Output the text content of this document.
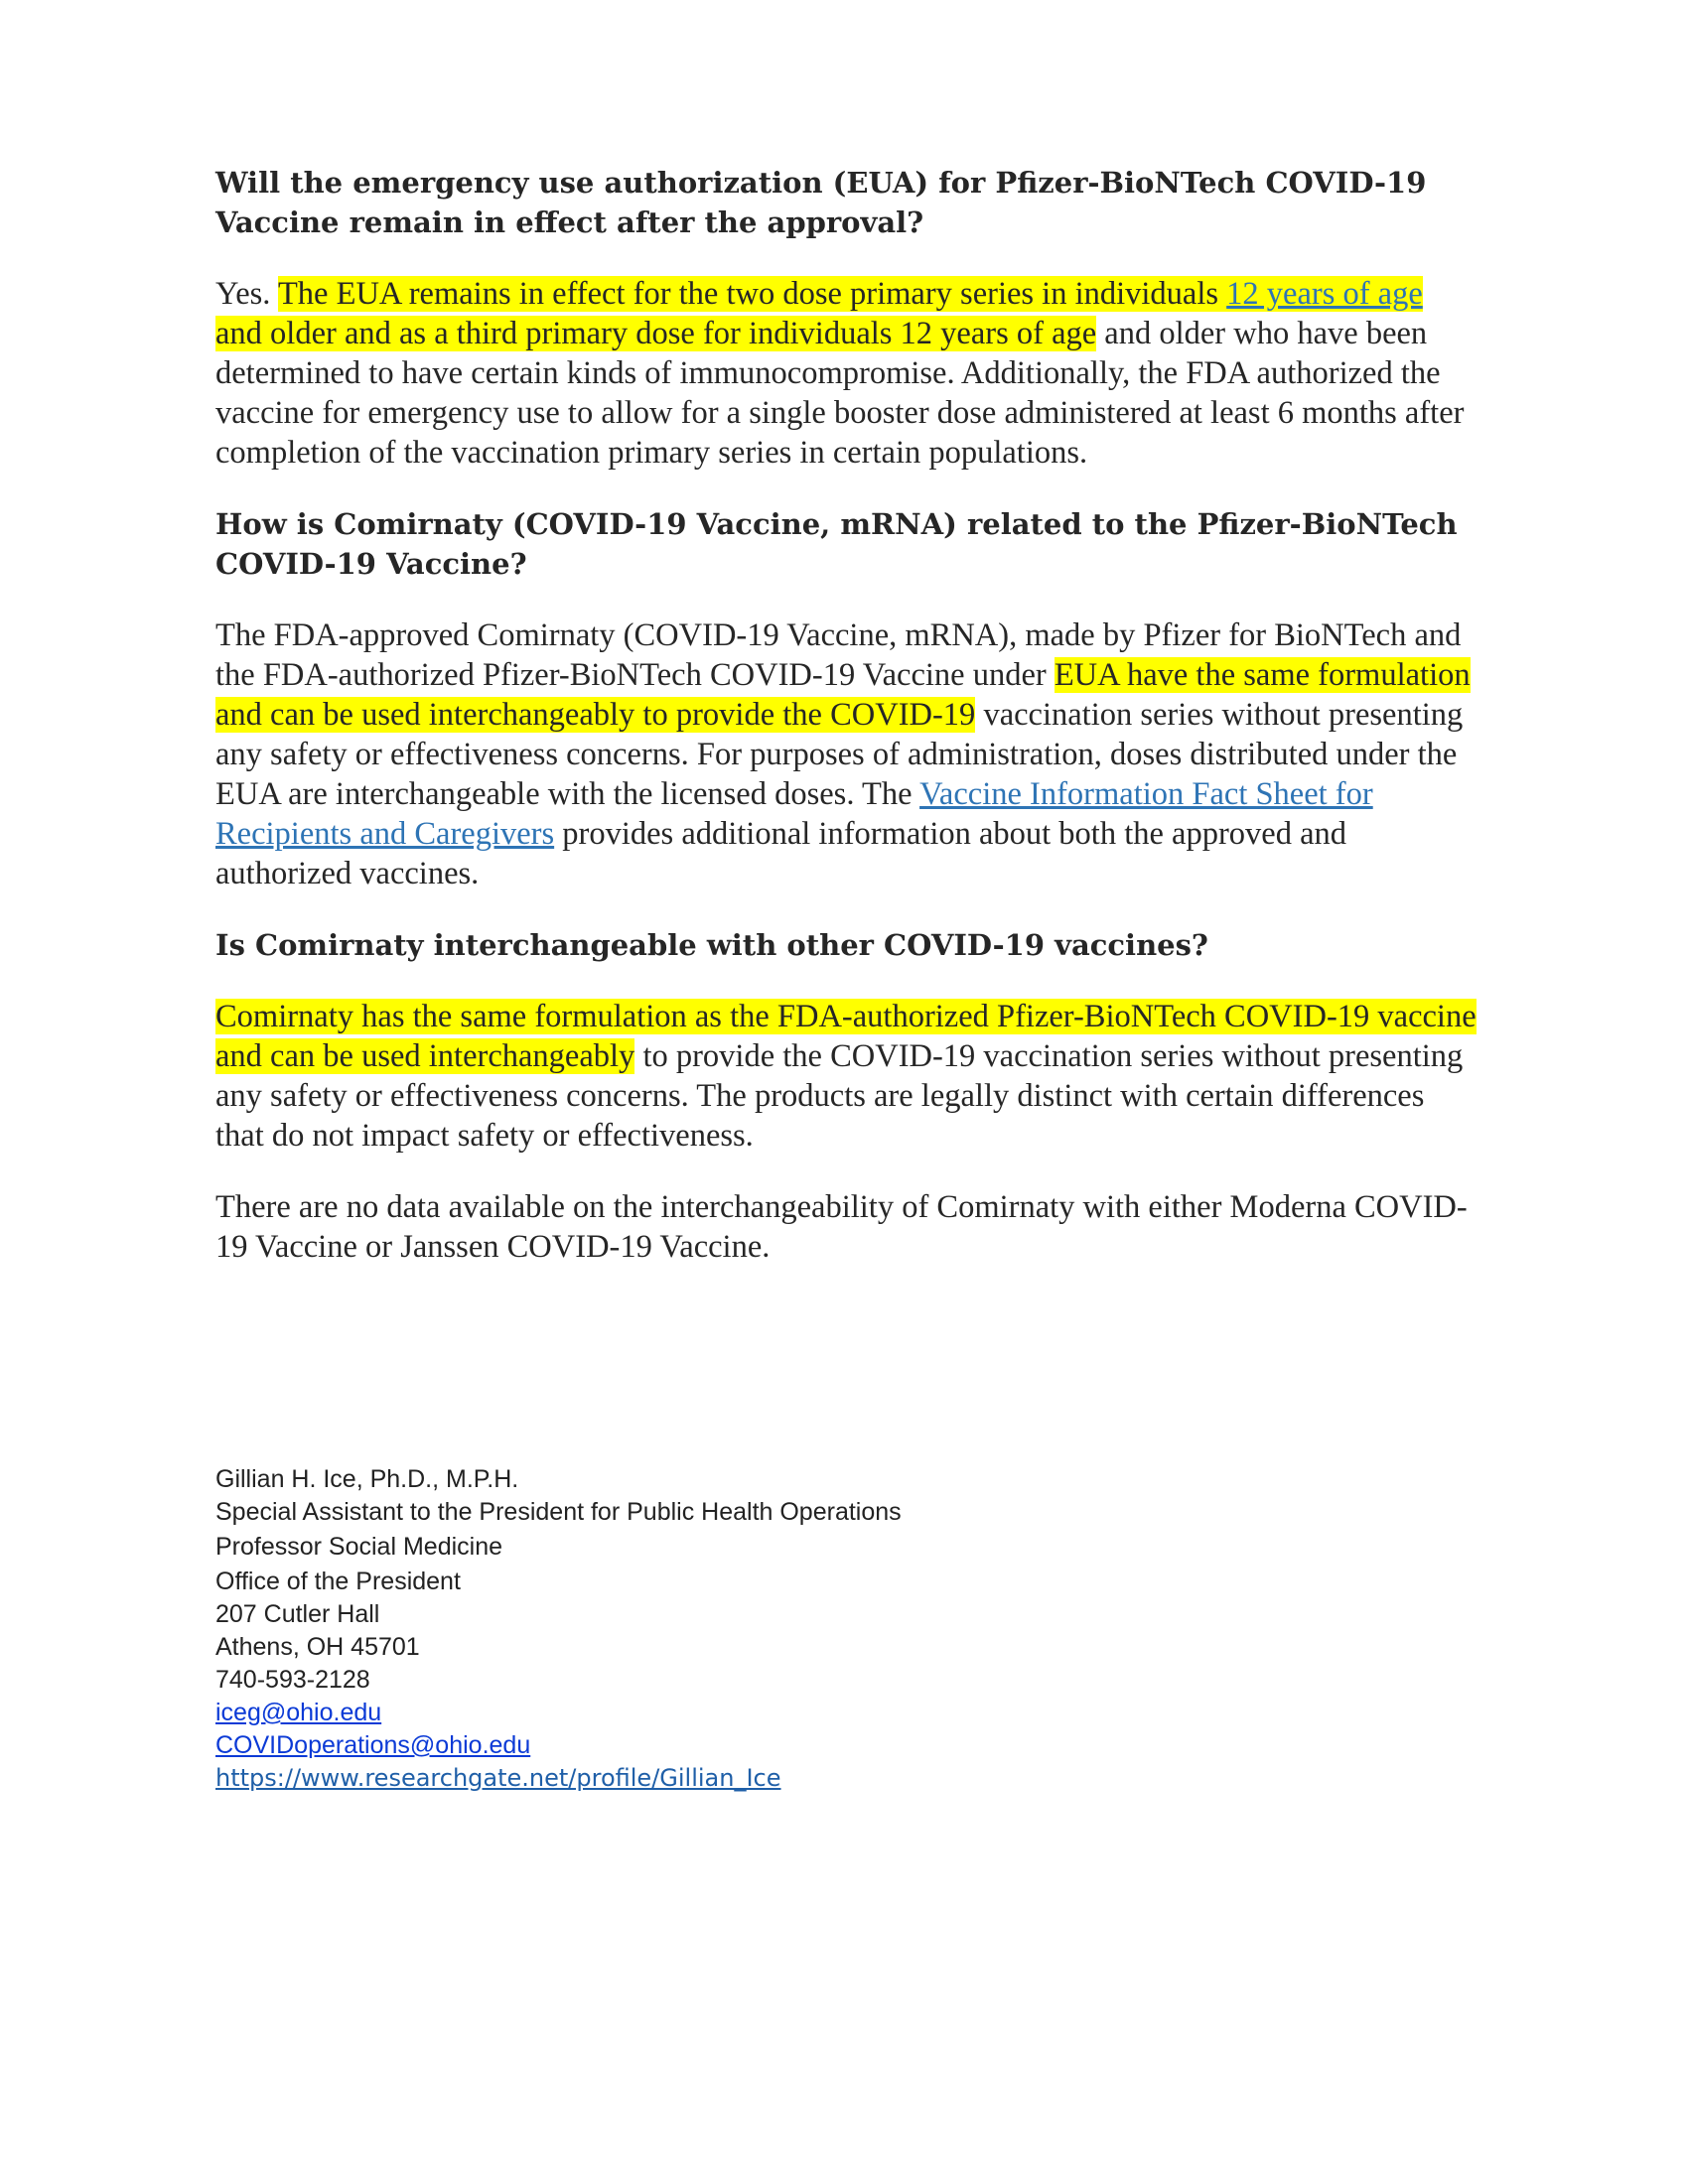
Will the emergency use authorization (EUA) for Pfizer-BioNTech COVID-19 Vaccine remain in effect after the approval?

Yes. The EUA remains in effect for the two dose primary series in individuals 12 years of age and older and as a third primary dose for individuals 12 years of age and older who have been determined to have certain kinds of immunocompromise. Additionally, the FDA authorized the vaccine for emergency use to allow for a single booster dose administered at least 6 months after completion of the vaccination primary series in certain populations.

How is Comirnaty (COVID-19 Vaccine, mRNA) related to the Pfizer-BioNTech COVID-19 Vaccine?

The FDA-approved Comirnaty (COVID-19 Vaccine, mRNA), made by Pfizer for BioNTech and the FDA-authorized Pfizer-BioNTech COVID-19 Vaccine under EUA have the same formulation and can be used interchangeably to provide the COVID-19 vaccination series without presenting any safety or effectiveness concerns. For purposes of administration, doses distributed under the EUA are interchangeable with the licensed doses. The Vaccine Information Fact Sheet for Recipients and Caregivers provides additional information about both the approved and authorized vaccines.

Is Comirnaty interchangeable with other COVID-19 vaccines?

Comirnaty has the same formulation as the FDA-authorized Pfizer-BioNTech COVID-19 vaccine and can be used interchangeably to provide the COVID-19 vaccination series without presenting any safety or effectiveness concerns. The products are legally distinct with certain differences that do not impact safety or effectiveness.

There are no data available on the interchangeability of Comirnaty with either Moderna COVID-19 Vaccine or Janssen COVID-19 Vaccine.

Gillian H. Ice, Ph.D., M.P.H.
Special Assistant to the President for Public Health Operations
Professor Social Medicine
Office of the President
207 Cutler Hall
Athens, OH 45701
740-593-2128
iceg@ohio.edu
COVIDoperations@ohio.edu
https://www.researchgate.net/profile/Gillian_Ice
